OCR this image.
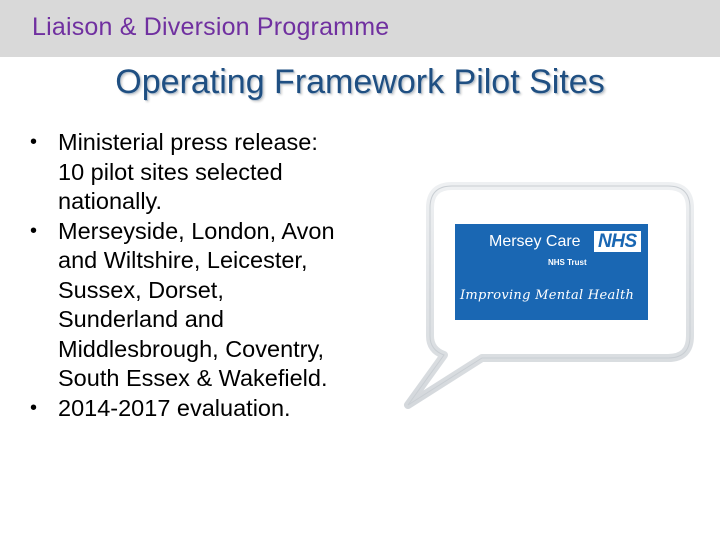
Liaison & Diversion Programme
Operating Framework Pilot Sites
• Ministerial press release:
10 pilot sites selected
nationally.
• Merseyside, London, Avon
and Wiltshire, Leicester,
Sussex, Dorset,
Sunderland and
Middlesbrough, Coventry,
South Essex & Wakefield.
• 2014-2017 evaluation.
Mersey Care NHS
NHS Trust
Improving Mental Health
